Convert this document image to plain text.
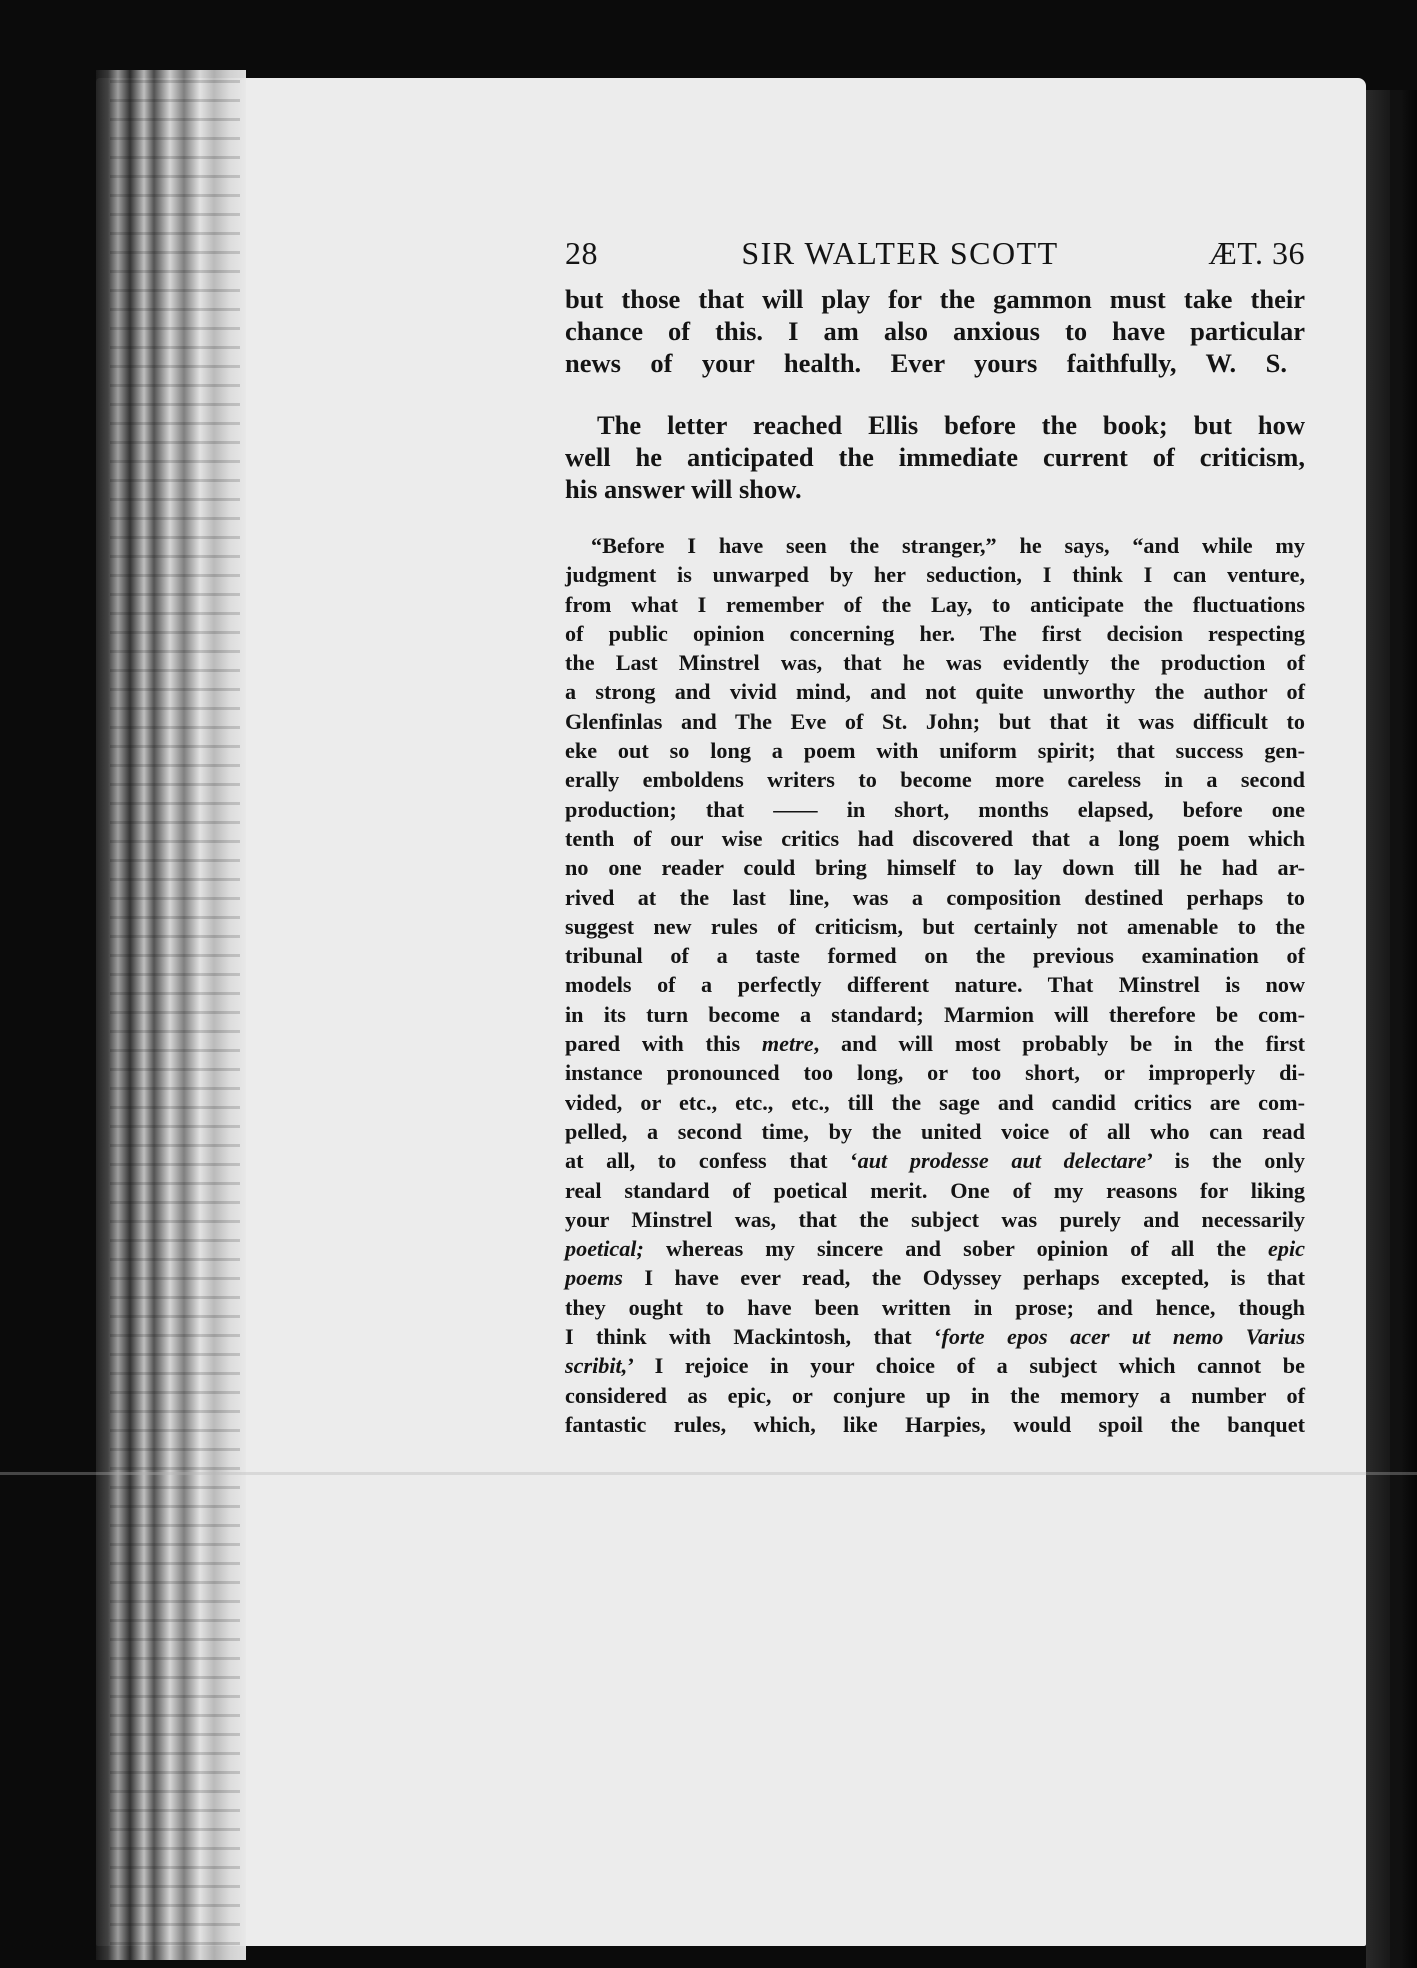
28	SIR WALTER SCOTT	ÆT. 36
but those that will play for the gammon must take their
chance of this. I am also anxious to have particular
news of your health. Ever yours faithfully, W. S.
The letter reached Ellis before the book; but how
well he anticipated the immediate current of criticism,
his answer will show.
“Before I have seen the stranger,” he says, “and while my
judgment is unwarped by her seduction, I think I can venture,
from what I remember of the Lay, to anticipate the fluctuations
of public opinion concerning her. The first decision respecting
the Last Minstrel was, that he was evidently the production of
a strong and vivid mind, and not quite unworthy the author of
Glenfinlas and The Eve of St. John; but that it was difficult to
eke out so long a poem with uniform spirit; that success gen-
erally emboldens writers to become more careless in a second
production; that —— in short, months elapsed, before one
tenth of our wise critics had discovered that a long poem which
no one reader could bring himself to lay down till he had ar-
rived at the last line, was a composition destined perhaps to
suggest new rules of criticism, but certainly not amenable to the
tribunal of a taste formed on the previous examination of
models of a perfectly different nature. That Minstrel is now
in its turn become a standard; Marmion will therefore be com-
pared with this metre, and will most probably be in the first
instance pronounced too long, or too short, or improperly di-
vided, or etc., etc., etc., till the sage and candid critics are com-
pelled, a second time, by the united voice of all who can read
at all, to confess that ‘aut prodesse aut delectare’ is the only
real standard of poetical merit. One of my reasons for liking
your Minstrel was, that the subject was purely and necessarily
poetical; whereas my sincere and sober opinion of all the epic
poems I have ever read, the Odyssey perhaps excepted, is that
they ought to have been written in prose; and hence, though
I think with Mackintosh, that ‘forte epos acer ut nemo Varius
scribit,’ I rejoice in your choice of a subject which cannot be
considered as epic, or conjure up in the memory a number of
fantastic rules, which, like Harpies, would spoil the banquet
